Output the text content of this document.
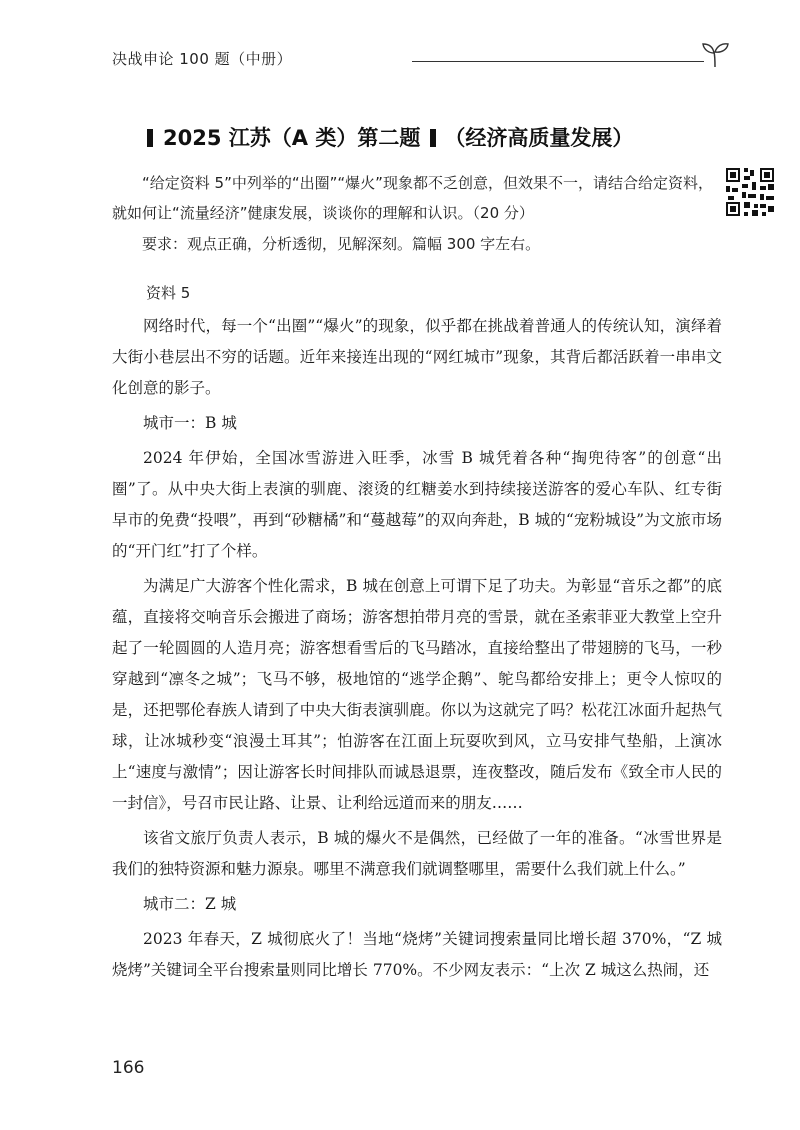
决战申论 100 题（中册）
2025 江苏（A 类）第二题 （经济高质量发展）

“给定资料 5”中列举的“出圈”“爆火”现象都不乏创意，但效果不一，请结合给定资料，就如何让“流量经济”健康发展，谈谈你的理解和认识。（20 分）

要求：观点正确，分析透彻，见解深刻。篇幅 300 字左右。
资料 5

网络时代，每一个“出圈”“爆火”的现象，似乎都在挑战着普通人的传统认知，演绎着大街小巷层出不穷的话题。近年来接连出现的“网红城市”现象，其背后都活跃着一串串文化创意的影子。

城市一：B 城

2024 年伊始，全国冰雪游进入旺季，冰雪 B 城凭着各种“掏兜待客”的创意“出圈”了。从中央大街上表演的驯鹿、滚烫的红糖姜水到持续接送游客的爱心车队、红专街早市的免费“投喂”，再到“砂糖橘”和“蔓越莓”的双向奔赴，B 城的“宠粉城设”为文旅市场的“开门红”打了个样。

为满足广大游客个性化需求，B 城在创意上可谓下足了功夫。为彰显“音乐之都”的底蕴，直接将交响音乐会搬进了商场；游客想拍带月亮的雪景，就在圣索菲亚大教堂上空升起了一轮圆圆的人造月亮；游客想看雪后的飞马踏冰，直接给整出了带翅膀的飞马，一秒穿越到“凛冬之城”；飞马不够，极地馆的“逃学企鹅”、鸵鸟都给安排上；更令人惊叹的是，还把鄂伦春族人请到了中央大街表演驯鹿。你以为这就完了吗？松花江冰面升起热气球，让冰城秒变“浪漫土耳其”；怕游客在江面上玩耍吹到风，立马安排气垫船，上演冰上“速度与激情”；因让游客长时间排队而诚恳退票，连夜整改，随后发布《致全市人民的一封信》，号召市民让路、让景、让利给远道而来的朋友……

该省文旅厅负责人表示，B 城的爆火不是偶然，已经做了一年的准备。“冰雪世界是我们的独特资源和魅力源泉。哪里不满意我们就调整哪里，需要什么我们就上什么。”

城市二：Z 城

2023 年春天，Z 城彻底火了！当地“烧烤”关键词搜索量同比增长超 370%，“Z 城烧烤”关键词全平台搜索量则同比增长 770%。不少网友表示：“上次 Z 城这么热闹，还

166
